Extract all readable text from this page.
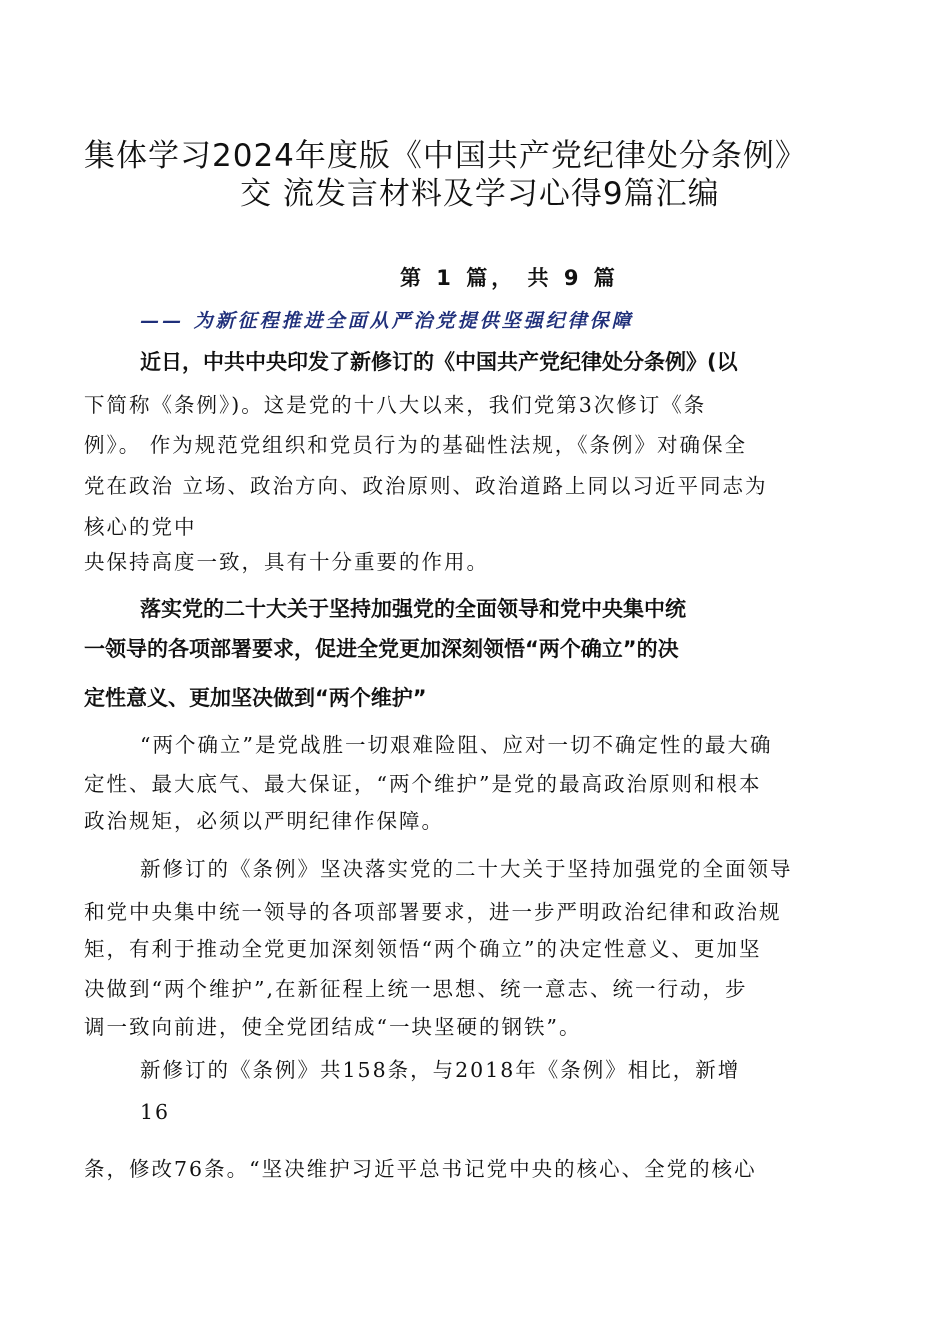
集体学习2024年度版《中国共产党纪律处分条例》
交 流发言材料及学习心得9篇汇编
第 1 篇， 共 9 篇
—— 为新征程推进全面从严治党提供坚强纪律保障
近日，中共中央印发了新修订的《中国共产党纪律处分条例》(以
下简称《条例》)。这是党的十八大以来，我们党第3次修订《条
例》。 作为规范党组织和党员行为的基础性法规，《条例》对确保全
党在政治 立场、政治方向、政治原则、政治道路上同以习近平同志为
核心的党中
央保持高度一致，具有十分重要的作用。
落实党的二十大关于坚持加强党的全面领导和党中央集中统
一领导的各项部署要求，促进全党更加深刻领悟“两个确立”的决
定性意义、更加坚决做到“两个维护”
“两个确立”是党战胜一切艰难险阻、应对一切不确定性的最大确
定性、最大底气、最大保证，“两个维护”是党的最高政治原则和根本
政治规矩，必须以严明纪律作保障。
新修订的《条例》坚决落实党的二十大关于坚持加强党的全面领导
和党中央集中统一领导的各项部署要求，进一步严明政治纪律和政治规
矩，有利于推动全党更加深刻领悟“两个确立”的决定性意义、更加坚
决做到“两个维护”,在新征程上统一思想、统一意志、统一行动，步
调一致向前进，使全党团结成“一块坚硬的钢铁”。
新修订的《条例》共158条，与2018年《条例》相比，新增
16
条，修改76条。“坚决维护习近平总书记党中央的核心、全党的核心
